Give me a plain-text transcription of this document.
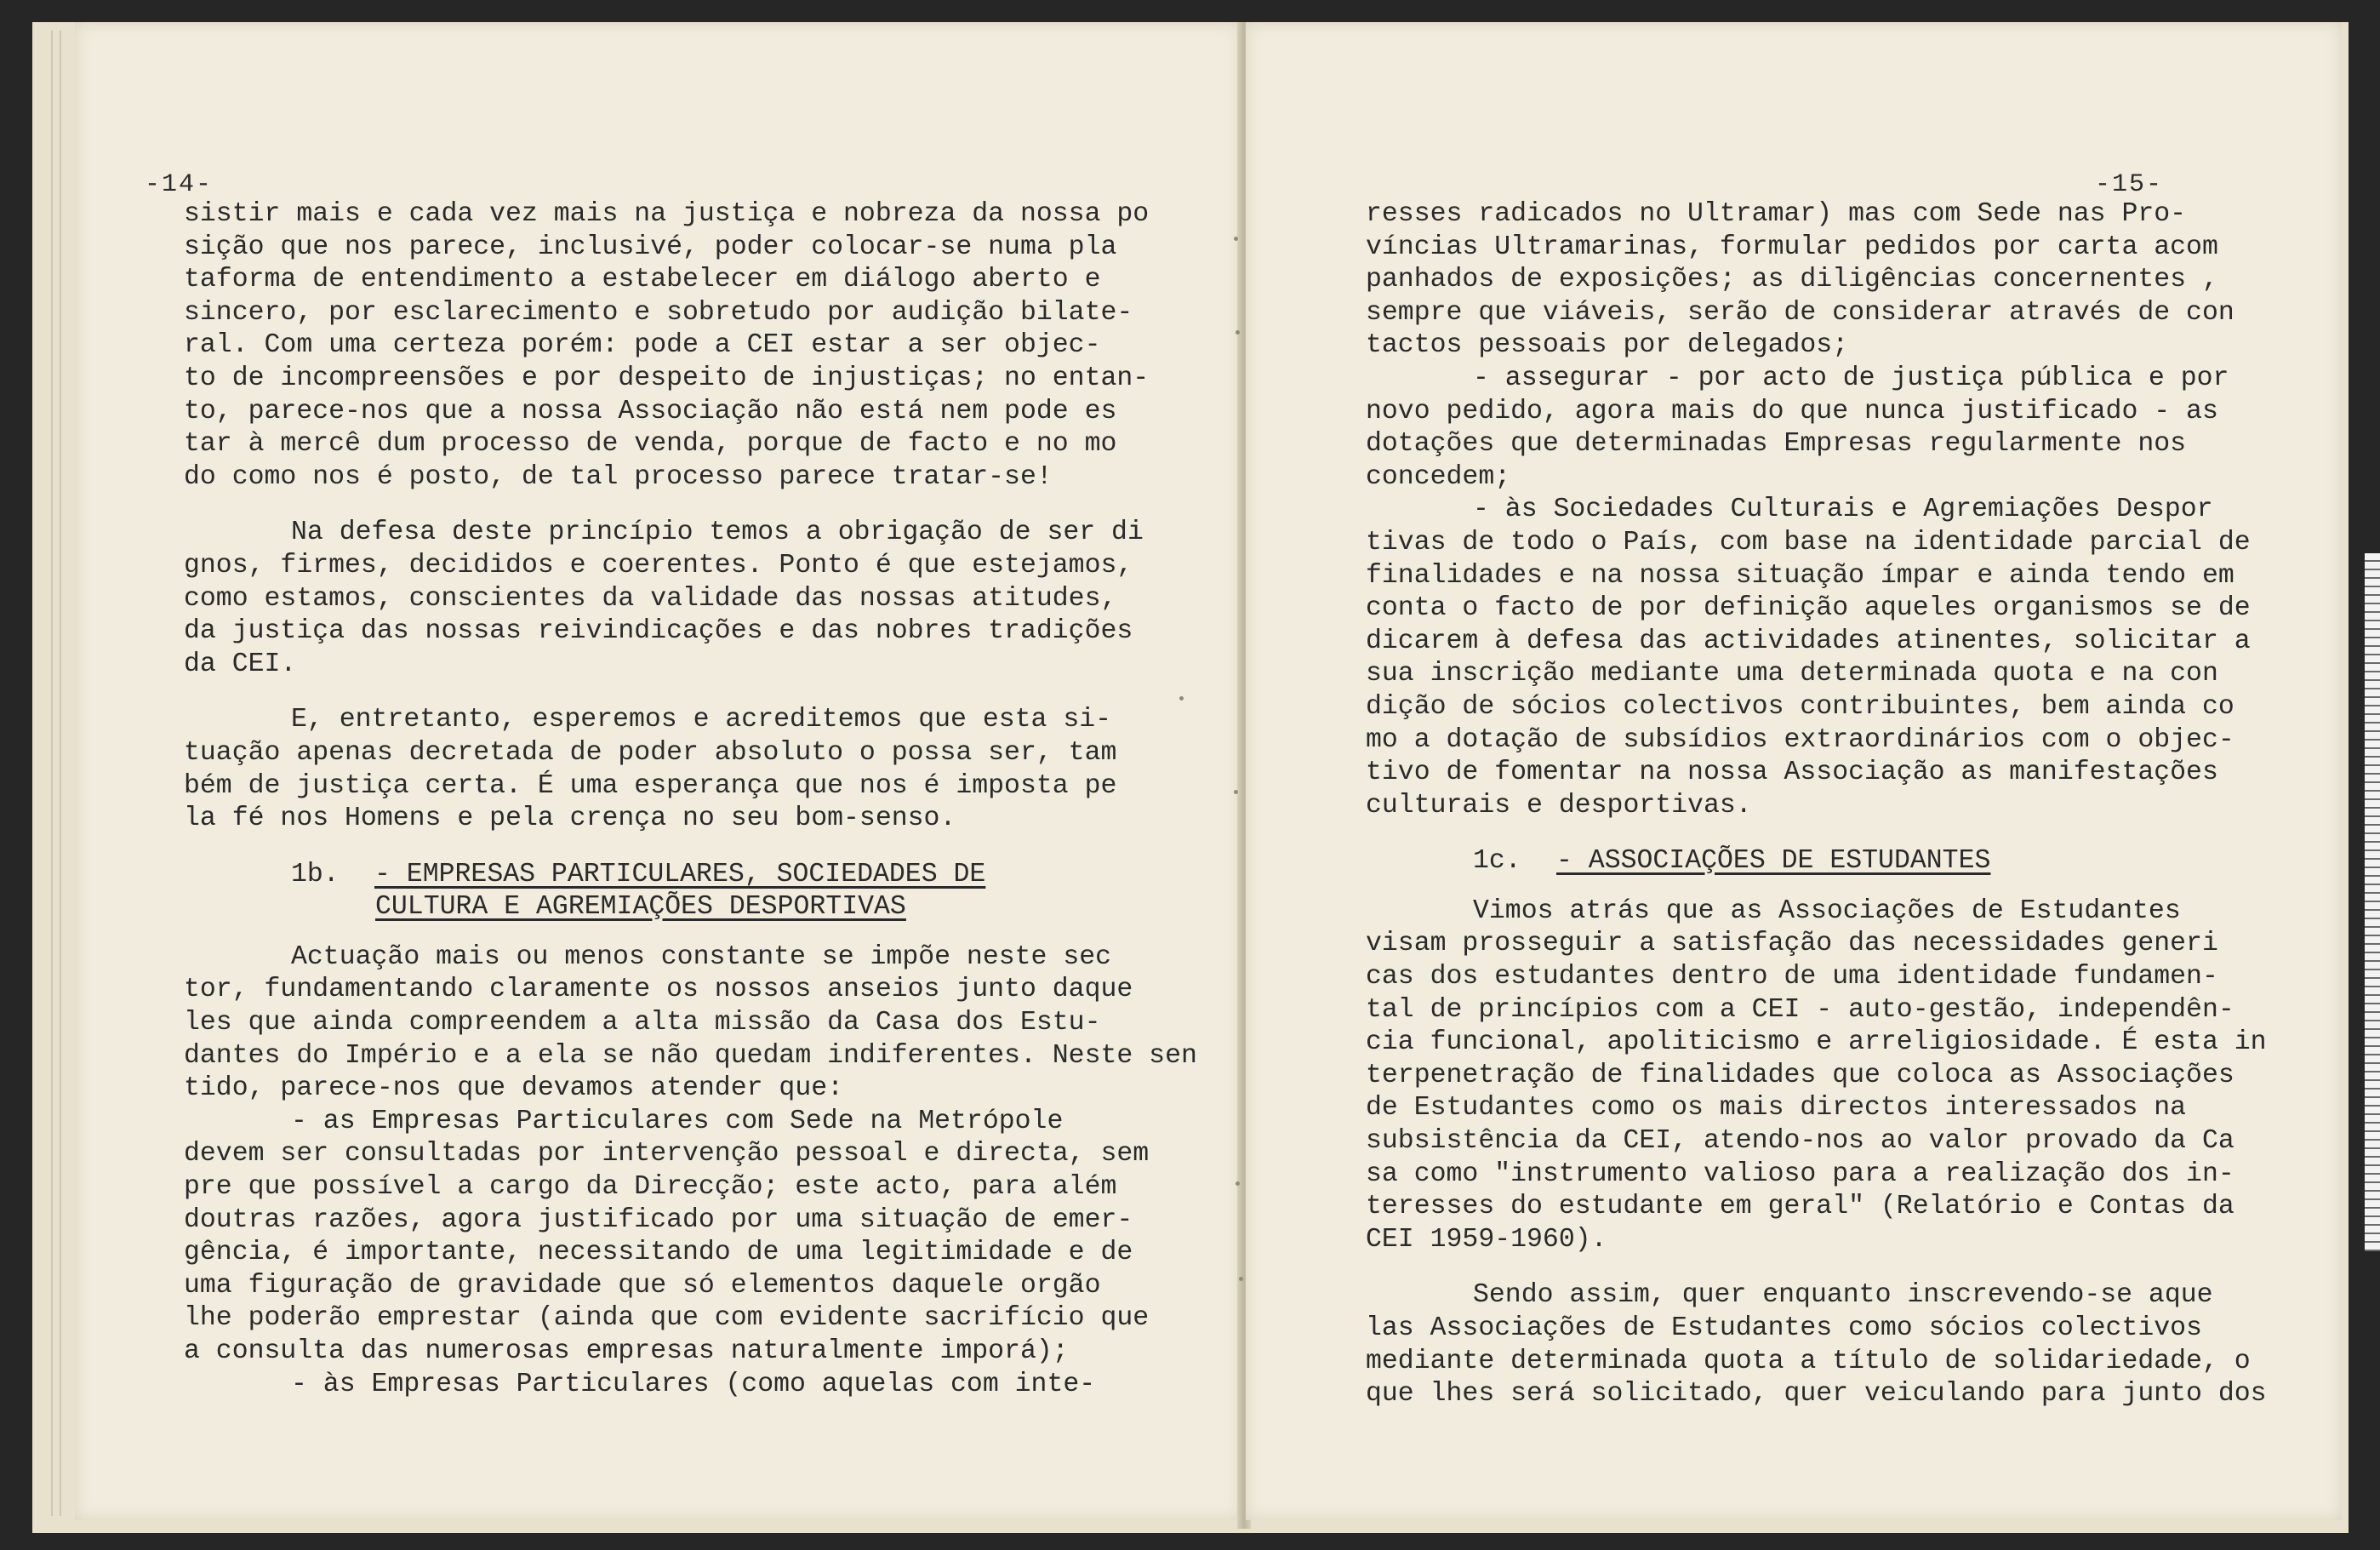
-14-
sistir mais e cada vez mais na justiça e nobreza da nossa po
sição que nos parece, inclusivé, poder colocar-se numa pla
taforma de entendimento a estabelecer em diálogo aberto e
sincero, por esclarecimento e sobretudo por audição bilate-
ral. Com uma certeza porém: pode a CEI estar a ser objec-
to de incompreensões e por despeito de injustiças; no entan-
to, parece-nos que a nossa Associação não está nem pode es
tar à mercê dum processo de venda, porque de facto e no mo
do como nos é posto, de tal processo parece tratar-se!
Na defesa deste princípio temos a obrigação de ser di
gnos, firmes, decididos e coerentes. Ponto é que estejamos,
como estamos, conscientes da validade das nossas atitudes,
da justiça das nossas reivindicações e das nobres tradições
da CEI.
E, entretanto, esperemos e acreditemos que esta si-
tuação apenas decretada de poder absoluto o possa ser, tam
bém de justiça certa. É uma esperança que nos é imposta pe
la fé nos Homens e pela crença no seu bom-senso.
1b. - EMPRESAS PARTICULARES, SOCIEDADES DE
CULTURA E AGREMIAÇÕES DESPORTIVAS
Actuação mais ou menos constante se impõe neste sec
tor, fundamentando claramente os nossos anseios junto daque
les que ainda compreendem a alta missão da Casa dos Estu-
dantes do Império e a ela se não quedam indiferentes. Neste sen
tido, parece-nos que devamos atender que:
- as Empresas Particulares com Sede na Metrópole
devem ser consultadas por intervenção pessoal e directa, sem
pre que possível a cargo da Direcção; este acto, para além
doutras razões, agora justificado por uma situação de emer-
gência, é importante, necessitando de uma legitimidade e de
uma figuração de gravidade que só elementos daquele orgão
lhe poderão emprestar (ainda que com evidente sacrifício que
a consulta das numerosas empresas naturalmente imporá);
- às Empresas Particulares (como aquelas com inte-
-15-
resses radicados no Ultramar) mas com Sede nas Pro-
víncias Ultramarinas, formular pedidos por carta acom
panhados de exposições; as diligências concernentes ,
sempre que viáveis, serão de considerar através de con
tactos pessoais por delegados;
- assegurar - por acto de justiça pública e por
novo pedido, agora mais do que nunca justificado - as
dotações que determinadas Empresas regularmente nos
concedem;
- às Sociedades Culturais e Agremiações Despor
tivas de todo o País, com base na identidade parcial de
finalidades e na nossa situação ímpar e ainda tendo em
conta o facto de por definição aqueles organismos se de
dicarem à defesa das actividades atinentes, solicitar a
sua inscrição mediante uma determinada quota e na con
dição de sócios colectivos contribuintes, bem ainda co
mo a dotação de subsídios extraordinários com o objec-
tivo de fomentar na nossa Associação as manifestações
culturais e desportivas.
1c. - ASSOCIAÇÕES DE ESTUDANTES
Vimos atrás que as Associações de Estudantes
visam prosseguir a satisfação das necessidades generi
cas dos estudantes dentro de uma identidade fundamen-
tal de princípios com a CEI - auto-gestão, independên-
cia funcional, apoliticismo e arreligiosidade. É esta in
terpenetração de finalidades que coloca as Associações
de Estudantes como os mais directos interessados na
subsistência da CEI, atendo-nos ao valor provado da Ca
sa como "instrumento valioso para a realização dos in-
teresses do estudante em geral" (Relatório e Contas da
CEI 1959-1960).
Sendo assim, quer enquanto inscrevendo-se aque
las Associações de Estudantes como sócios colectivos
mediante determinada quota a título de solidariedade, o
que lhes será solicitado, quer veiculando para junto dos
